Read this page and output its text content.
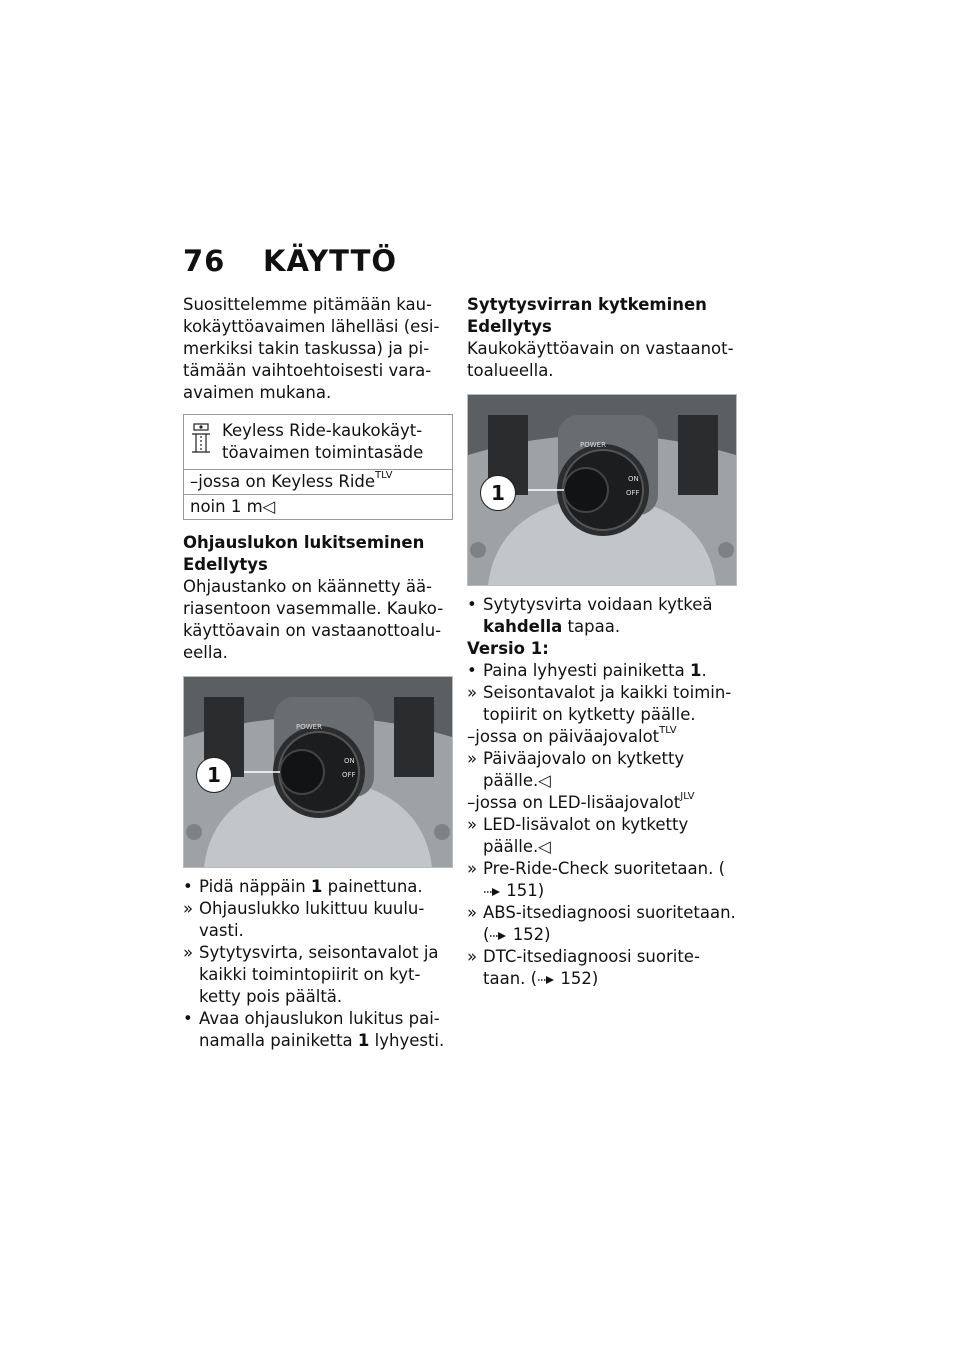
76 KÄYTTÖ

Suosittelemme pitämään kau-kokäyttöavaimen lähelläsi (esi-merkiksi takin taskussa) ja pi-tämään vaihtoehtoisesti vara-avaimen mukana.

Keyless Ride-kaukokäyt-töavaimen toimintasäde
–jossa on Keyless Ride$^{TLV}$
noin 1 m◁

Ohjauslukon lukitseminen

Edellytys

Ohjaustanko on käännetty ää-riasentoon vasemmalle. Kauko-käyttöavain on vastaanottoalu-eella.

POWER
ON
OFF
1
• Pidä näppäin 1 painettuna.
» Ohjauslukko lukittuu kuulu-vasti.
» Sytytysvirta, seisontavalot ja kaikki toimintopiirit on kyt-ketty pois päältä.
• Avaa ohjauslukon lukitus pai-namalla painiketta 1 lyhyesti.

Sytytysvirran kytkeminen

Edellytys

Kaukokäyttöavain on vastaanot-toalueella.

POWER
ON
OFF
1
• Sytytysvirta voidaan kytkeä kahdella tapaa.

Versio 1:

• Paina lyhyesti painiketta 1.
» Seisontavalot ja kaikki toimin-topiirit on kytketty päälle.
–jossa on päiväajovalot$^{TLV}$
» Päiväajovalo on kytketty päälle.◁
–jossa on LED-lisäajovalot$^{JLV}$
» LED-lisävalot on kytketty päälle.◁
» Pre-Ride-Check suoritetaan. ( 151)
» ABS-itsediagnoosi suoritetaan. ( 152)
» DTC-itsediagnoosi suorite-taan. ( 152)
